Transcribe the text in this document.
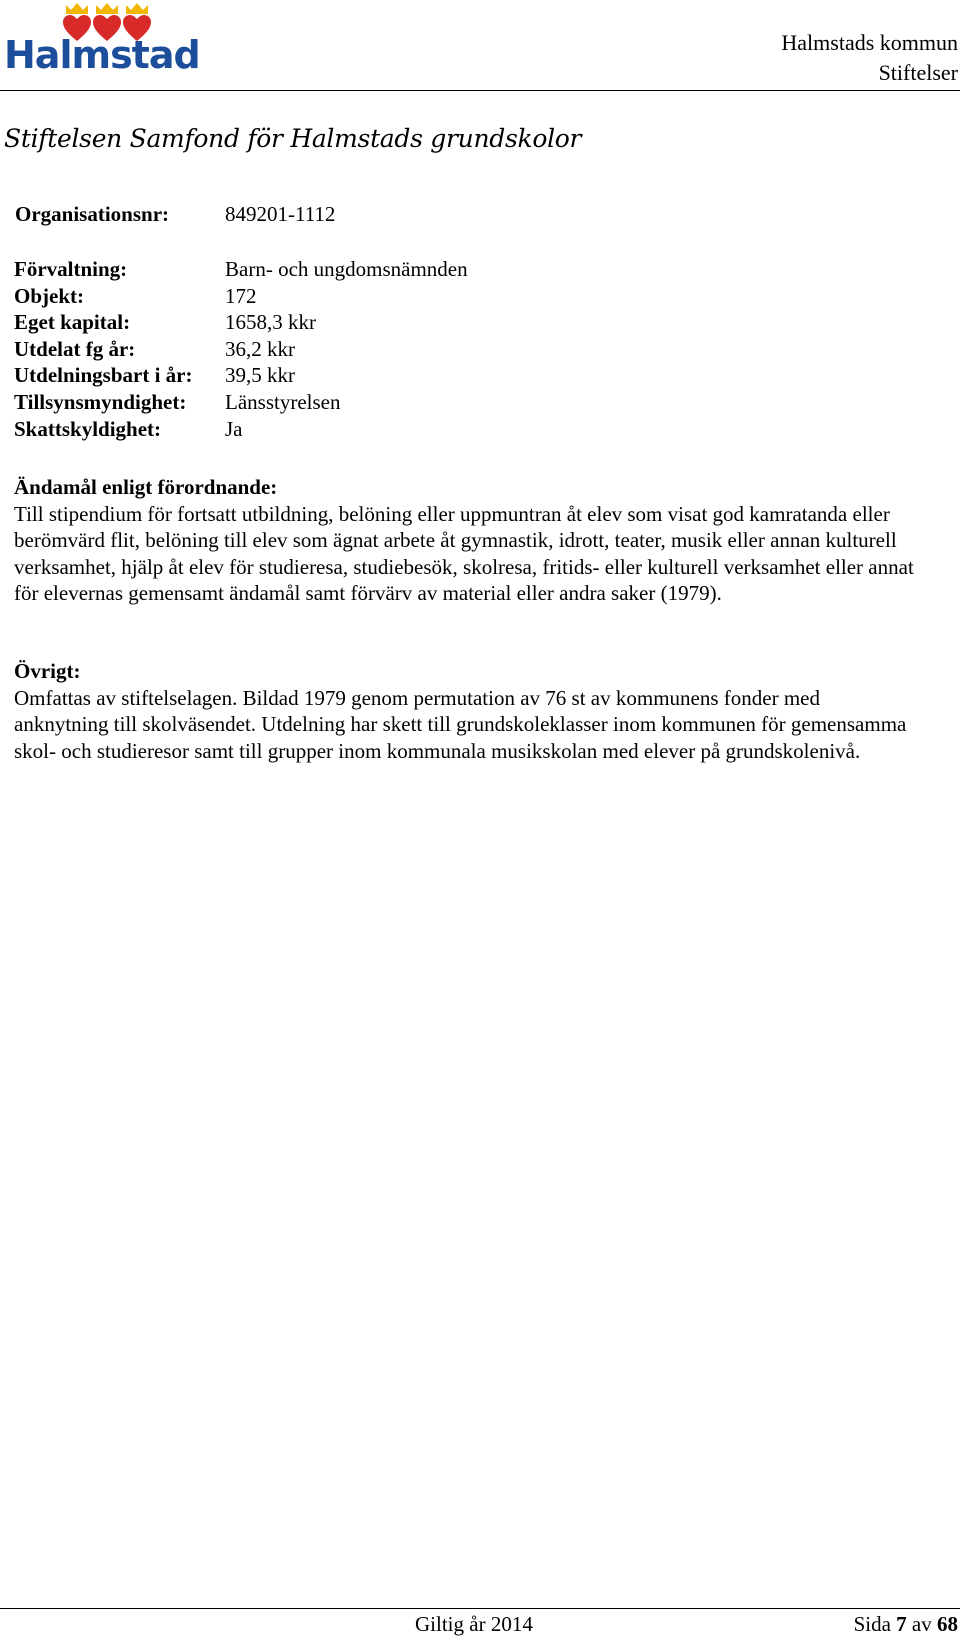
Halmstad	Halmstads kommun
Stiftelser
Stiftelsen Samfond för Halmstads grundskolor
Organisationsnr:	849201-1112
Förvaltning:	Barn- och ungdomsnämnden
Objekt:	172
Eget kapital:	1658,3 kkr
Utdelat fg år:	36,2 kkr
Utdelningsbart i år: 39,5 kkr
Tillsynsmyndighet: Länsstyrelsen
Skattskyldighet:	Ja
Ändamål enligt förordnande:
Till stipendium för fortsatt utbildning, belöning eller uppmuntran åt elev som visat god kamratanda eller berömvärd flit, belöning till elev som ägnat arbete åt gymnastik, idrott, teater, musik eller annan kulturell verksamhet, hjälp åt elev för studieresa, studiebesök, skolresa, fritids- eller kulturell verksamhet eller annat för elevernas gemensamt ändamål samt förvärv av material eller andra saker (1979).
Övrigt:
Omfattas av stiftelselagen. Bildad 1979 genom permutation av 76 st av kommunens fonder med anknytning till skolväsendet. Utdelning har skett till grundskoleklasser inom kommunen för gemensamma skol- och studieresor samt till grupper inom kommunala musikskolan med elever på grundskolenivå.
Giltig år 2014	Sida 7 av 68
